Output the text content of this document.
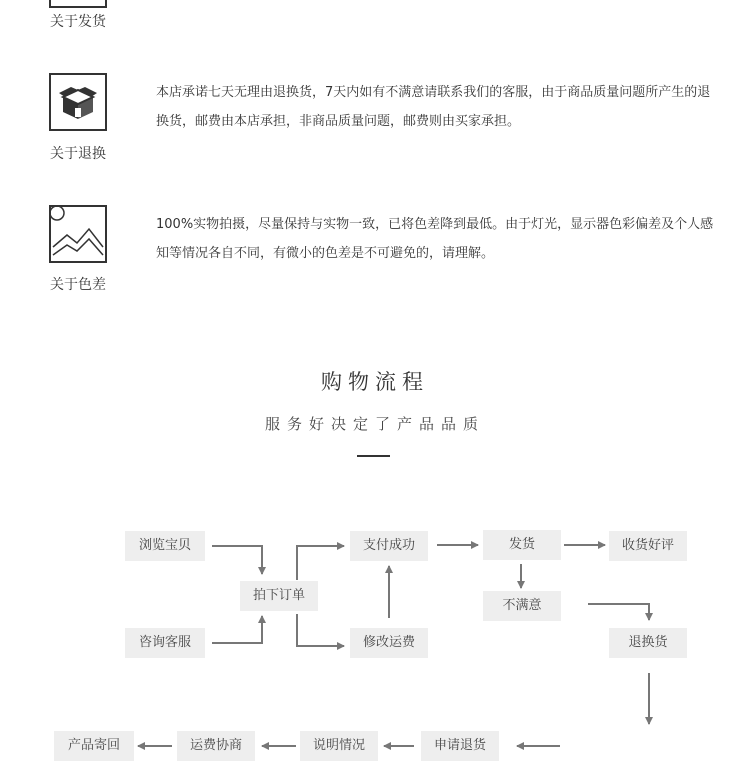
关于发货
关于退换
本店承诺七天无理由退换货，7天内如有不满意请联系我们的客服，由于商品质量问题所产生的退换货，邮费由本店承担，非商品质量问题，邮费则由买家承担。
关于色差
100%实物拍摄，尽量保持与实物一致，已将色差降到最低。由于灯光，显示器色彩偏差及个人感知等情况各自不同，有微小的色差是不可避免的，请理解。
购物流程
服务好决定了产品品质
浏览宝贝
咨询客服
拍下订单
支付成功
修改运费
发货	收货好评
不满意
退换货
申请退货
说明情况
运费协商
产品寄回
